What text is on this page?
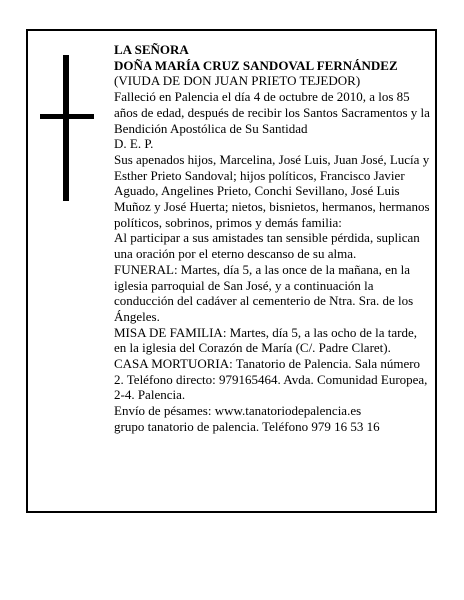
LA SEÑORA

DOÑA MARÍA CRUZ SANDOVAL FERNÁNDEZ

(VIUDA DE DON JUAN PRIETO TEJEDOR)

Falleció en Palencia el día 4 de octubre de 2010, a los 85 años de edad, después de recibir los Santos Sacramentos y la Bendición Apostólica de Su Santidad

D. E. P.

Sus apenados hijos, Marcelina, José Luis, Juan José, Lucía y Esther Prieto Sandoval; hijos políticos, Francisco Javier Aguado, Angelines Prieto, Conchi Sevillano, José Luis Muñoz y José Huerta; nietos, bisnietos, hermanos, hermanos políticos, sobrinos, primos y demás familia:

Al participar a sus amistades tan sensible pérdida, suplican una oración por el eterno descanso de su alma.

FUNERAL: Martes, día 5, a las once de la mañana, en la iglesia parroquial de San José, y a continuación la conducción del cadáver al cementerio de Ntra. Sra. de los Ángeles.

MISA DE FAMILIA: Martes, día 5, a las ocho de la tarde, en la iglesia del Corazón de María (C/. Padre Claret).

CASA MORTUORIA: Tanatorio de Palencia. Sala número 2. Teléfono directo: 979165464. Avda. Comunidad Europea, 2-4. Palencia.

Envío de pésames: www.tanatoriodepalencia.es

grupo tanatorio de palencia. Teléfono 979 16 53 16
